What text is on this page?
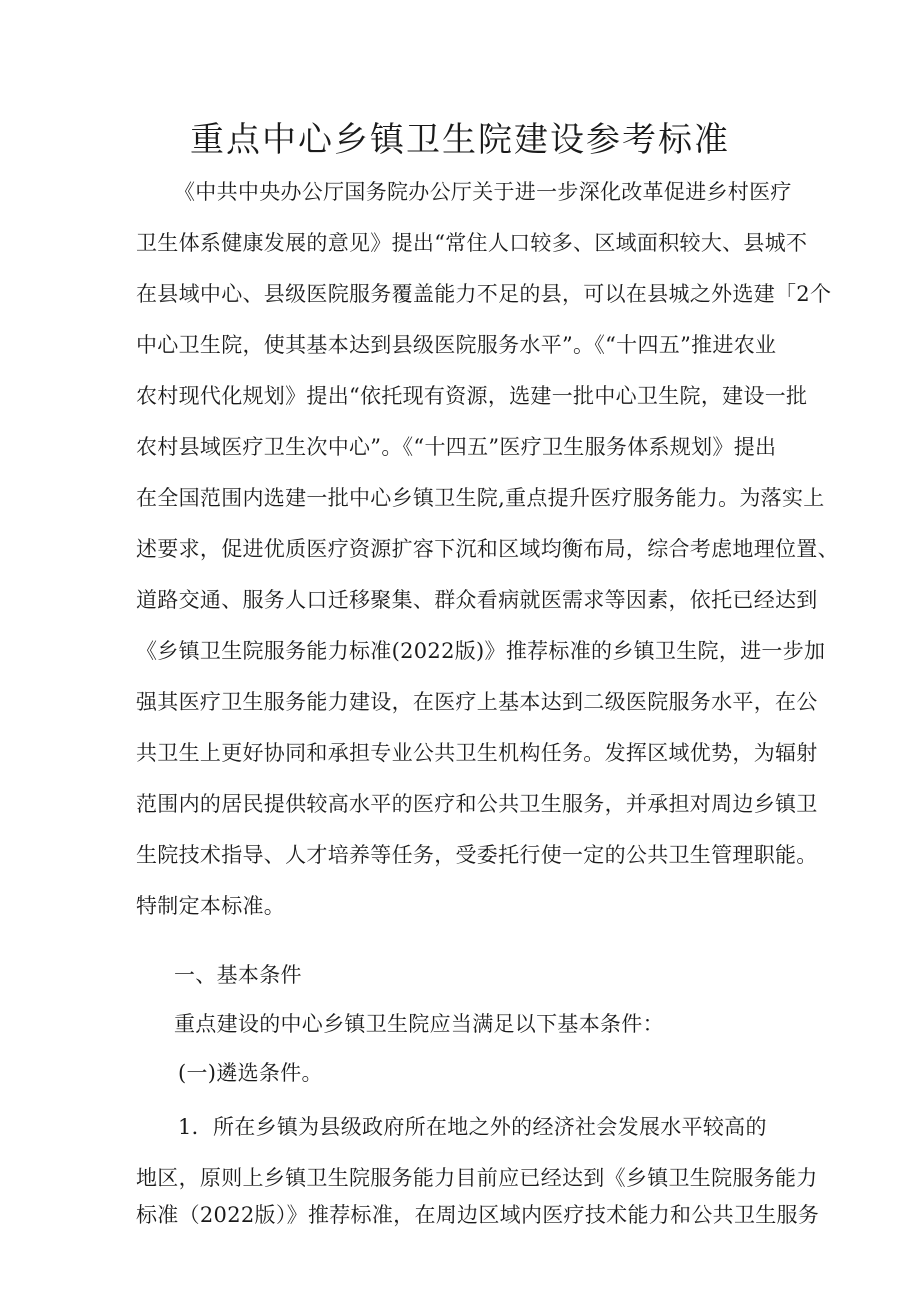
重点中心乡镇卫生院建设参考标准
《中共中央办公厅国务院办公厅关于进一步深化改革促进乡村医疗
卫生体系健康发展的意见》提出“常住人口较多、区域面积较大、县城不
在县域中心、县级医院服务覆盖能力不足的县，可以在县城之外选建「2个
中心卫生院，使其基本达到县级医院服务水平”。《“十四五”推进农业
农村现代化规划》提出“依托现有资源，选建一批中心卫生院，建设一批
农村县域医疗卫生次中心”。《“十四五”医疗卫生服务体系规划》提出
在全国范围内选建一批中心乡镇卫生院,重点提升医疗服务能力。为落实上
述要求，促进优质医疗资源扩容下沉和区域均衡布局，综合考虑地理位置、
道路交通、服务人口迁移聚集、群众看病就医需求等因素，依托已经达到
《乡镇卫生院服务能力标准(2022版)》推荐标准的乡镇卫生院，进一步加
强其医疗卫生服务能力建设，在医疗上基本达到二级医院服务水平，在公
共卫生上更好协同和承担专业公共卫生机构任务。发挥区域优势，为辐射
范围内的居民提供较高水平的医疗和公共卫生服务，并承担对周边乡镇卫
生院技术指导、人才培养等任务，受委托行使一定的公共卫生管理职能。
特制定本标准。
一、基本条件
重点建设的中心乡镇卫生院应当满足以下基本条件：
(一)遴选条件。
1．所在乡镇为县级政府所在地之外的经济社会发展水平较高的
地区，原则上乡镇卫生院服务能力目前应已经达到《乡镇卫生院服务能力
标准（2022版）》推荐标准，在周边区域内医疗技术能力和公共卫生服务
